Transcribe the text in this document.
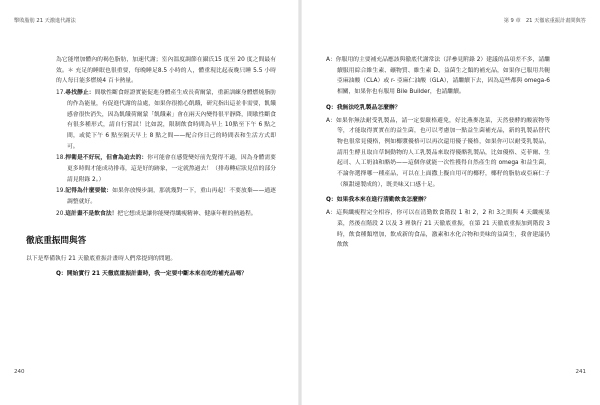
擊敗脂肪 21 天激進代謝法

為它能增加體內的褐色脂肪，加速代謝；室內溫度調節在攝氏15 度至 20 度之間最有效。＊ 充足的睡眠也很重要，每晚睡足8.5 小時的人，體重現比起夜晚只睡 5.5 小時的人每日能多燃燒4 百卡熱量。

17.尋找靜止：間歇性斷食經證實能促進身體產生成長荷爾蒙，重新訓練身體燃燒脂肪的作為能量，有促進代謝的益處，如果你很擔心飢餓，研究指出這並非需要，飢餓感會很快消失，因為飢餓荷爾蒙「飢餓素」會在兩天內變得很平靜降，間歇性斷食有很多種形式，請自行嘗試！比如說，限制飲食時間為早上 10點至下午 6 點之間，或從下午 6 點至隔天早上 8 點之間——配合你日己的時間表和生活方式即可。

18.捍衛是不好玩，但會為迫去的：你可能會在感覺變好前先覺得不適，因為身體需要更多時間才能成功排毒，這是好的跡象，一定就熬過去！（排毒轉症狀見信的部分請見附錄 2。）

19.記得為什麼要做：如果你放慢步調，那就幾對一下，重山再起！不要放棄——通逐調整就好。

20.這計畫不是飲食法！把它想成是讓你能變得纖瘦精神、健康年輕的熱過程。

徹底重振問與答

以下是準備執行 21 天徹底重振計畫時人們常提到的問題。

Q：開始實行 21 天徹底重振計畫時，我一定要中斷本來在吃的補充品嗎？

240
第 9 章　21 天徹底重振計畫問與答

A：你服用的主要補充品應該與徹底代謝常法（詳參見附錄 2）建議的品項差不多，請繼續服用綜合維生素、礦物質、維生素 D、益菌生之類的補充品，如果你已服用共軛亞麻油酸（CLA）或 r- 亞麻仁油酸（GLA），請繼續下去，因為這些都與 omega-6 相關，如果你也有服用 Bile Builder，也請繼續。

Q：我無法吃乳製品怎麼辦？

A：如果你無法耐受乳製品，請一定要嚴格避免，好比燕麥泡菜，天然發酵的酸液物等等，才能取得實實在的益生菌，也可以考慮加一點益生菌補充品，新的乳製品替代物也很常見優格，例如椰漿優格可以再次還用優子優格，如果你可以耐受乳製品，請用生酵且取自草飼動物的人工乳製品來取得優酪乳製品，比如優格、克菲爾、生起司、人工奶油和酪奶——這個你就能一次性獲得自然產生的 omega 和益生菌，不論你選擇哪一種產品，可以在上面撒上擬自用可的椰籽，椰籽的脂肪或亞麻仁子（額甜速製成的），既美味又口感十足。

Q：如果我本來在進行清勤飲食怎麼辦？

A：這與纖瘦程完全相容，你可以在清勤飲食階段 1 和 2，2 和 3之間與 4 天纖瘦果菜，然後在階段 2 以及 3 裡執行 21 天徹底重振，在第 21 天徹底重振加到階段 3 時，飲食種類增加，飲成新的食品，激素和水化合物和美味的益菌生，我會建議仍飲飲

241
